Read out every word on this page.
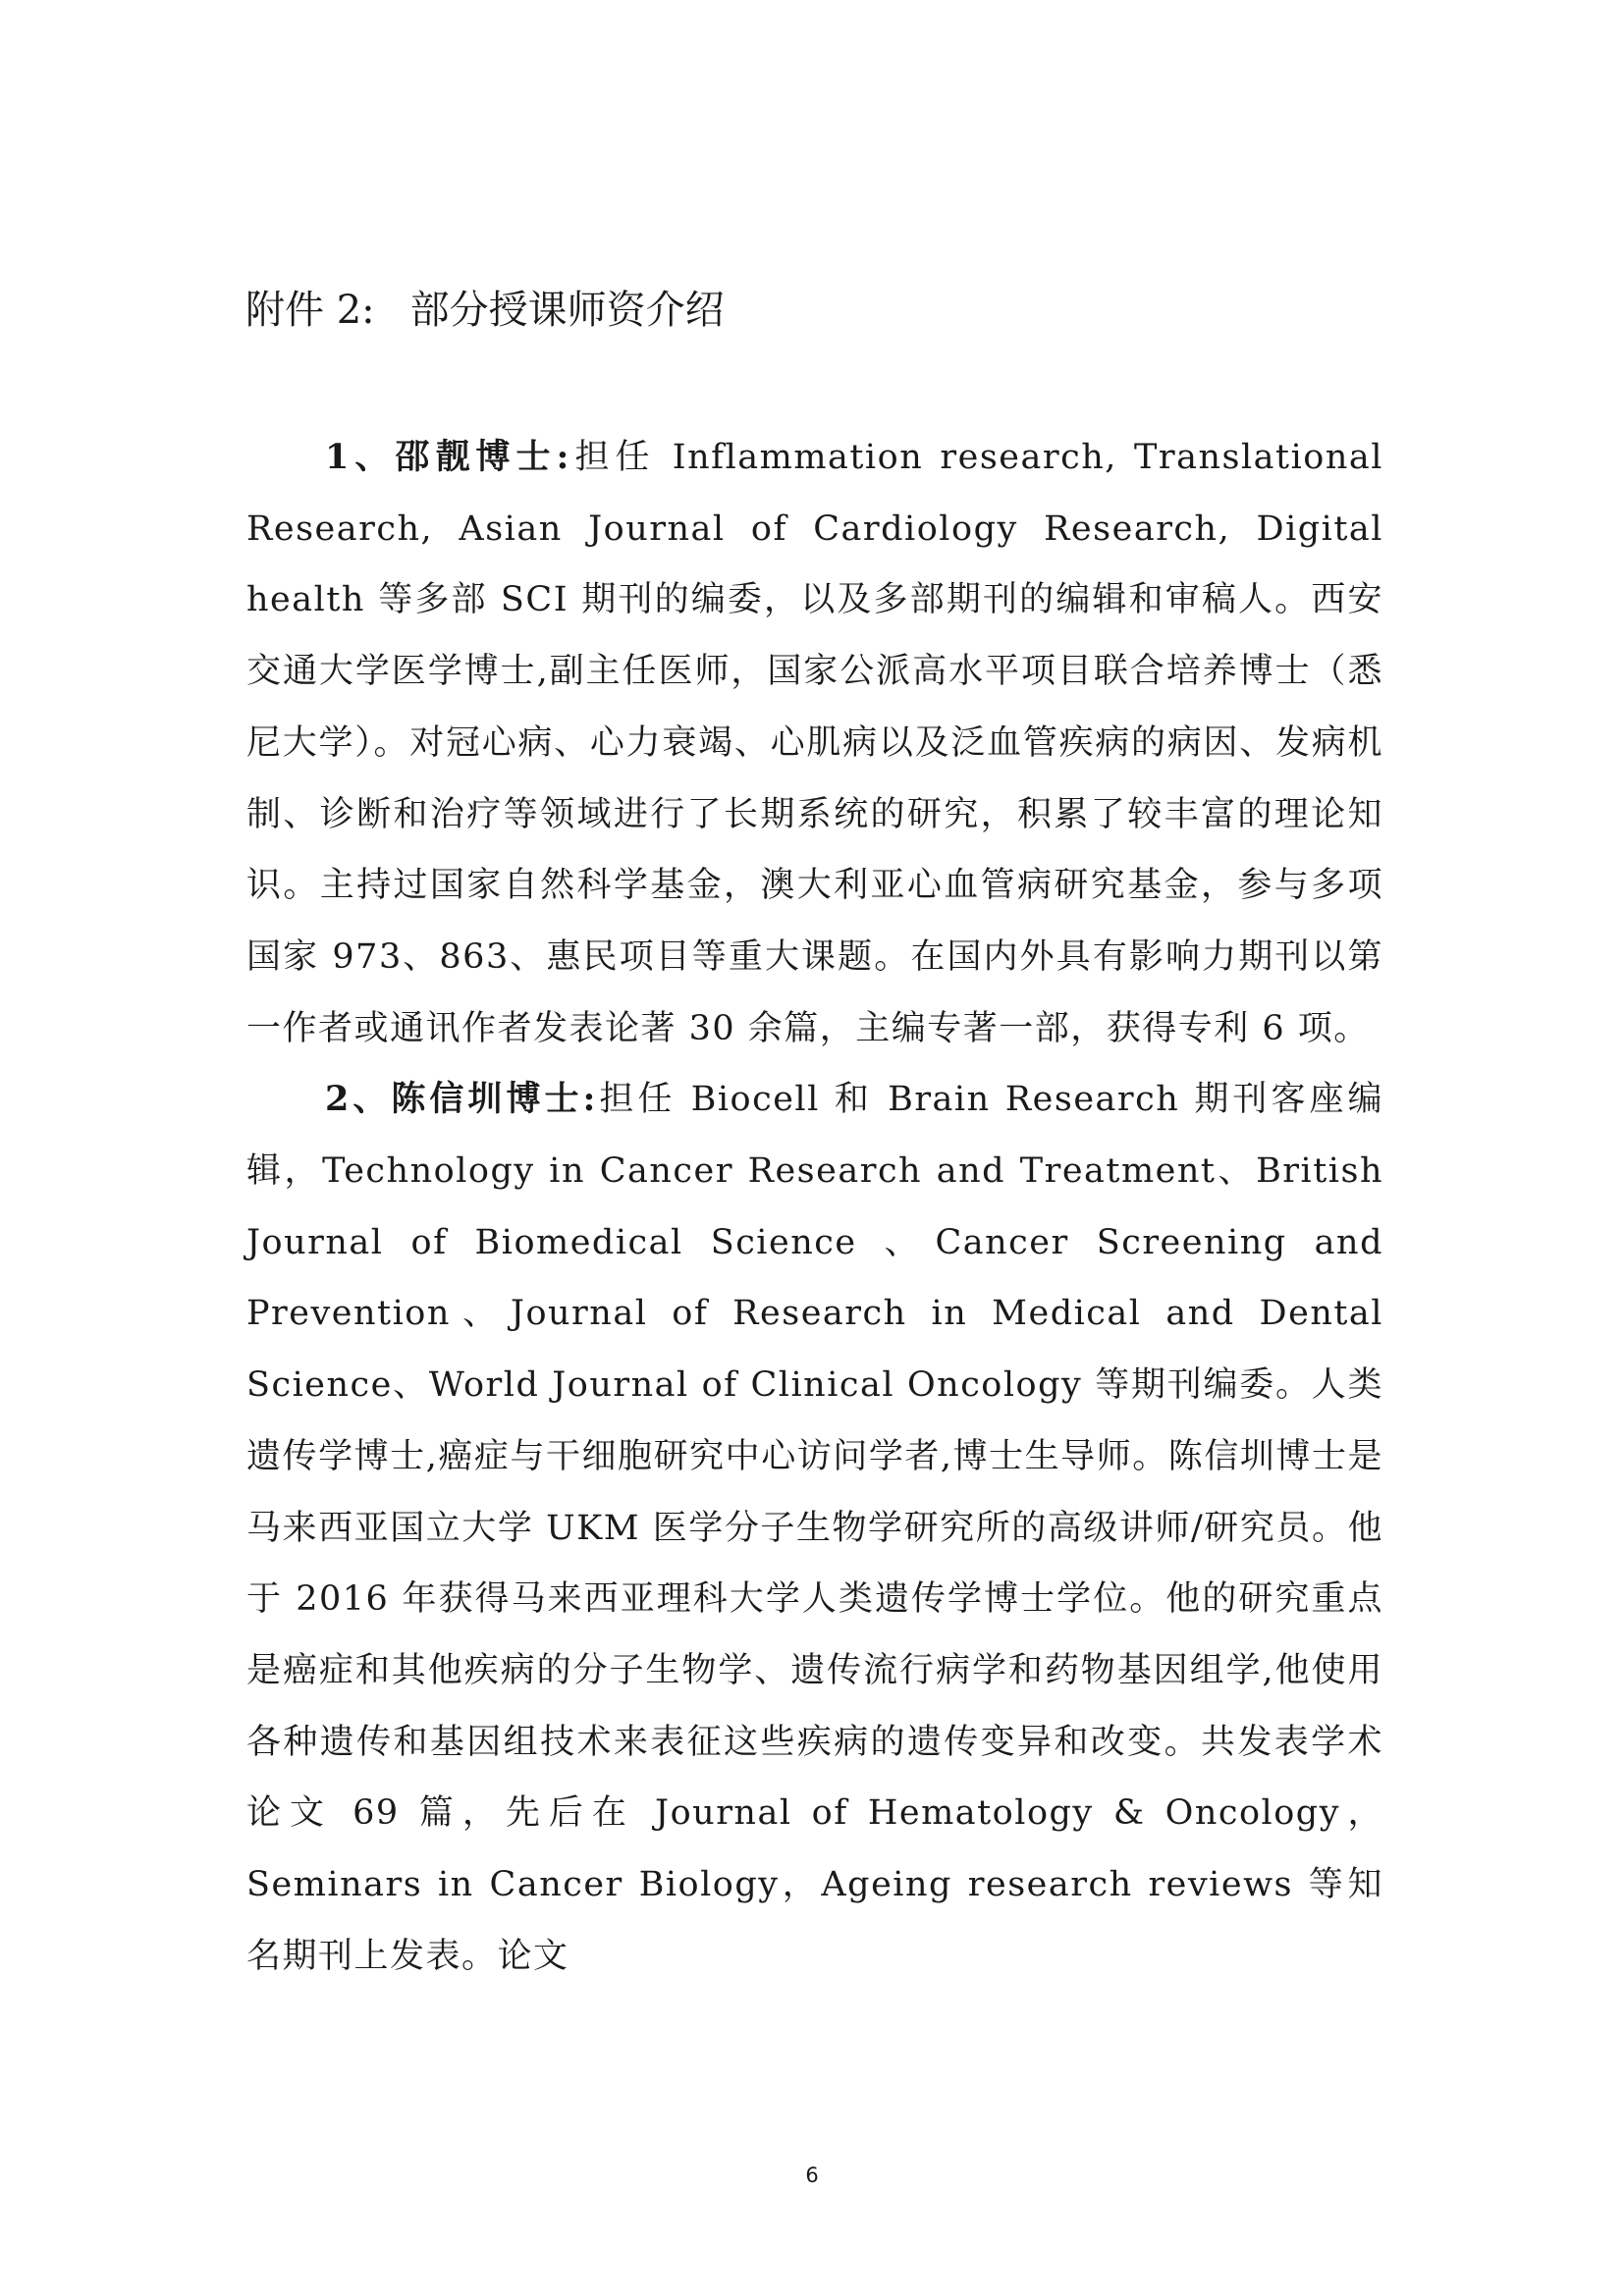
附件 2: 部分授课师资介绍

1、邵靓博士:担任 Inflammation research, Translational Research, Asian Journal of Cardiology Research, Digital health 等多部 SCI 期刊的编委，以及多部期刊的编辑和审稿人。西安交通大学医学博士,副主任医师，国家公派高水平项目联合培养博士（悉尼大学）。对冠心病、心力衰竭、心肌病以及泛血管疾病的病因、发病机制、诊断和治疗等领域进行了长期系统的研究，积累了较丰富的理论知识。主持过国家自然科学基金，澳大利亚心血管病研究基金，参与多项国家 973、863、惠民项目等重大课题。在国内外具有影响力期刊以第一作者或通讯作者发表论著 30 余篇，主编专著一部，获得专利 6 项。

2、陈信圳博士:担任 Biocell 和 Brain Research 期刊客座编辑，Technology in Cancer Research and Treatment、British Journal of Biomedical Science 、Cancer Screening and Prevention、Journal of Research in Medical and Dental Science、World Journal of Clinical Oncology 等期刊编委。人类遗传学博士,癌症与干细胞研究中心访问学者,博士生导师。陈信圳博士是马来西亚国立大学 UKM 医学分子生物学研究所的高级讲师/研究员。他于 2016 年获得马来西亚理科大学人类遗传学博士学位。他的研究重点是癌症和其他疾病的分子生物学、遗传流行病学和药物基因组学,他使用各种遗传和基因组技术来表征这些疾病的遗传变异和改变。共发表学术论文 69 篇，先后在 Journal of Hematology & Oncology， Seminars in Cancer Biology，Ageing research reviews 等知名期刊上发表。论文

6
